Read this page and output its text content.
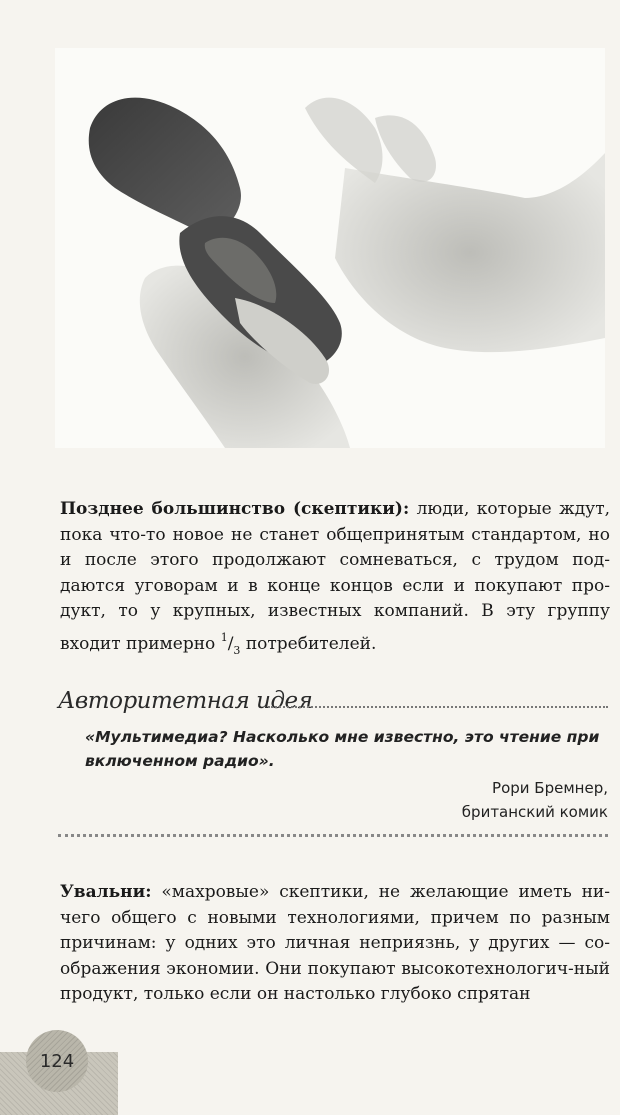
Позднее большинство (скептики): люди, которые ждут, пока что-то новое не станет общепринятым стандартом, но и после этого продолжают сомневаться, с трудом под-даются уговорам и в конце концов если и покупают про-дукт, то у крупных, известных компаний. В эту группу входит примерно $^1/_3$ потребителей.
Авторитетная идея
«Мультимедиа? Насколько мне известно, это чтение при включенном радио».
Рори Бремнер,
британский комик
Увальни: «махровые» скептики, не желающие иметь ни-чего общего с новыми технологиями, причем по разным причинам: у одних это личная неприязнь, у других — со-ображения экономии. Они покупают высокотехнологич-ный продукт, только если он настолько глубоко спрятан
124
